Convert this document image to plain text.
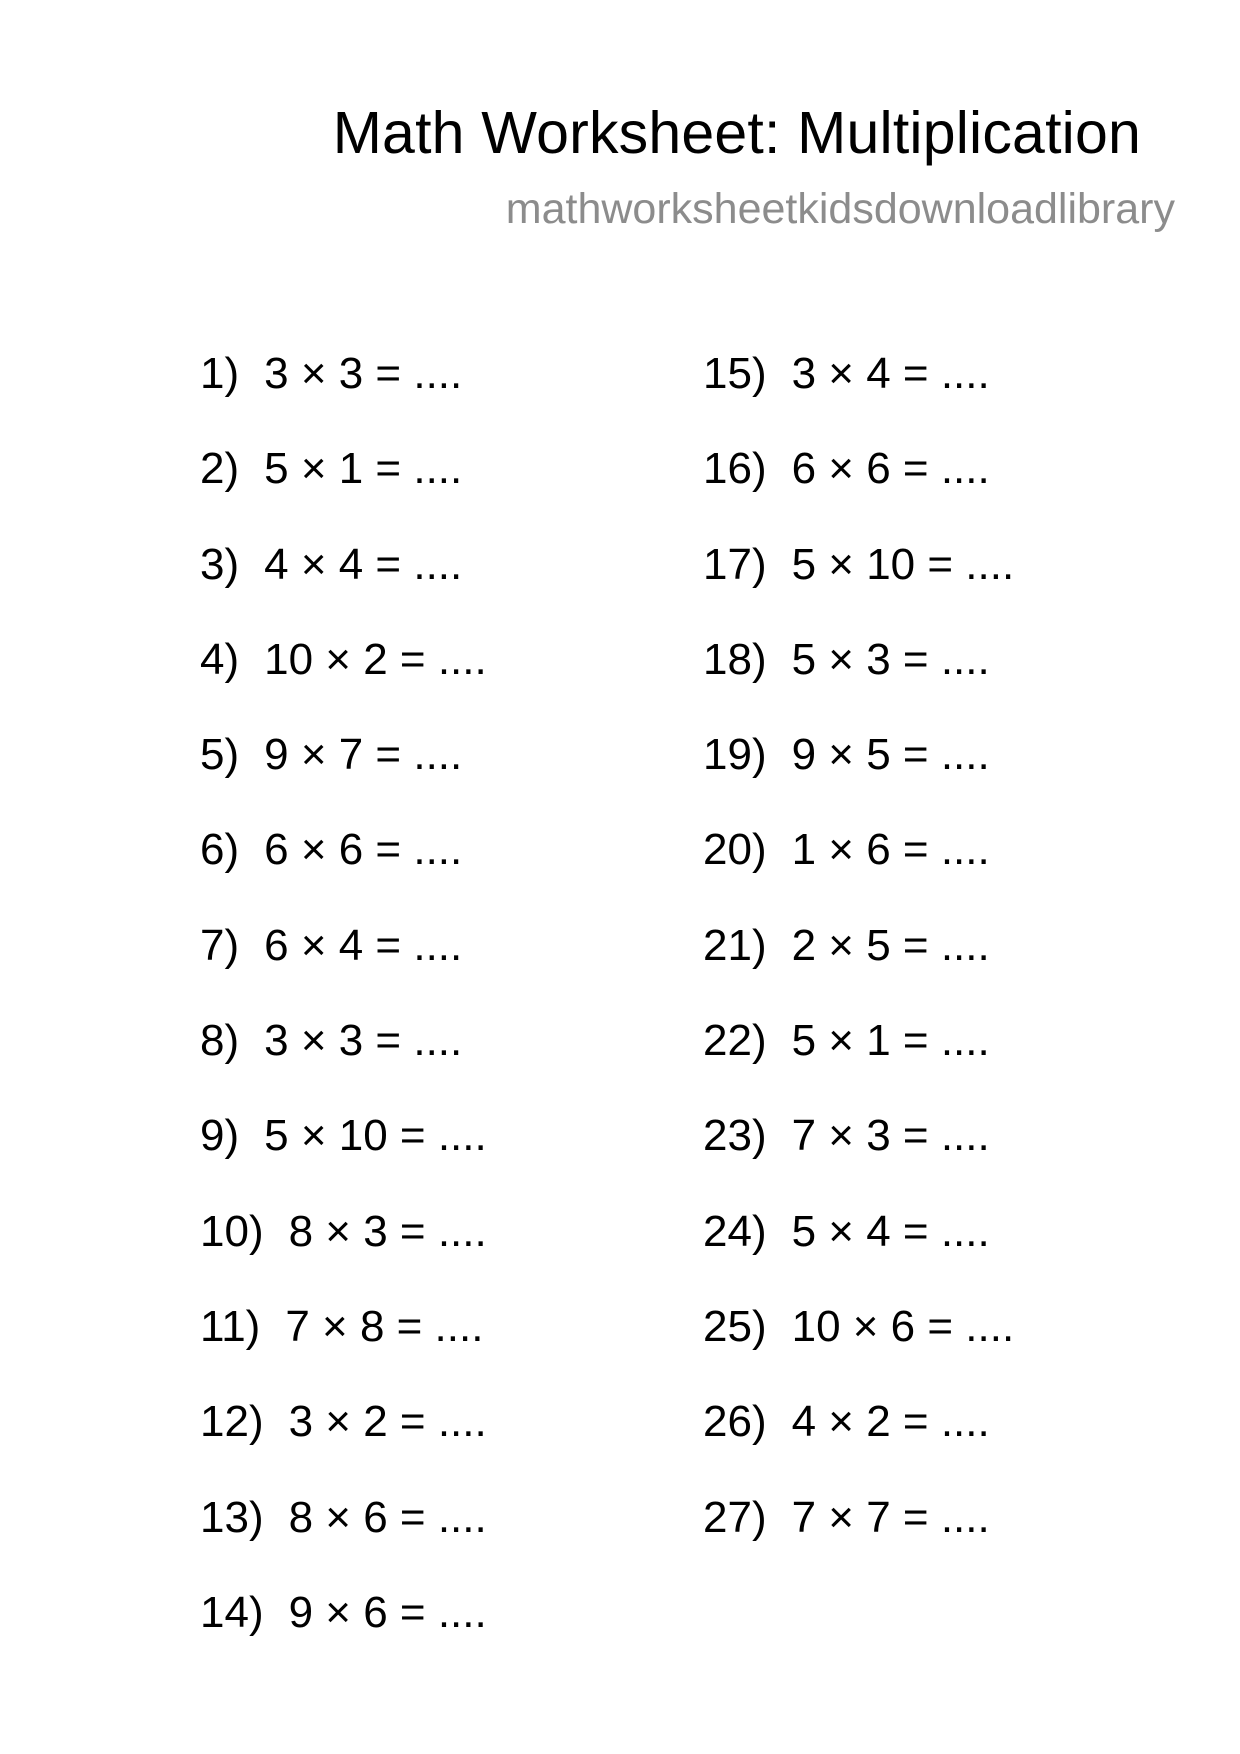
Math Worksheet: Multiplication
mathworksheetkidsdownloadlibrary
1) 3 × 3 = ....
2) 5 × 1 = ....
3) 4 × 4 = ....
4) 10 × 2 = ....
5) 9 × 7 = ....
6) 6 × 6 = ....
7) 6 × 4 = ....
8) 3 × 3 = ....
9) 5 × 10 = ....
10) 8 × 3 = ....
11) 7 × 8 = ....
12) 3 × 2 = ....
13) 8 × 6 = ....
14) 9 × 6 = ....
15) 3 × 4 = ....
16) 6 × 6 = ....
17) 5 × 10 = ....
18) 5 × 3 = ....
19) 9 × 5 = ....
20) 1 × 6 = ....
21) 2 × 5 = ....
22) 5 × 1 = ....
23) 7 × 3 = ....
24) 5 × 4 = ....
25) 10 × 6 = ....
26) 4 × 2 = ....
27) 7 × 7 = ....
